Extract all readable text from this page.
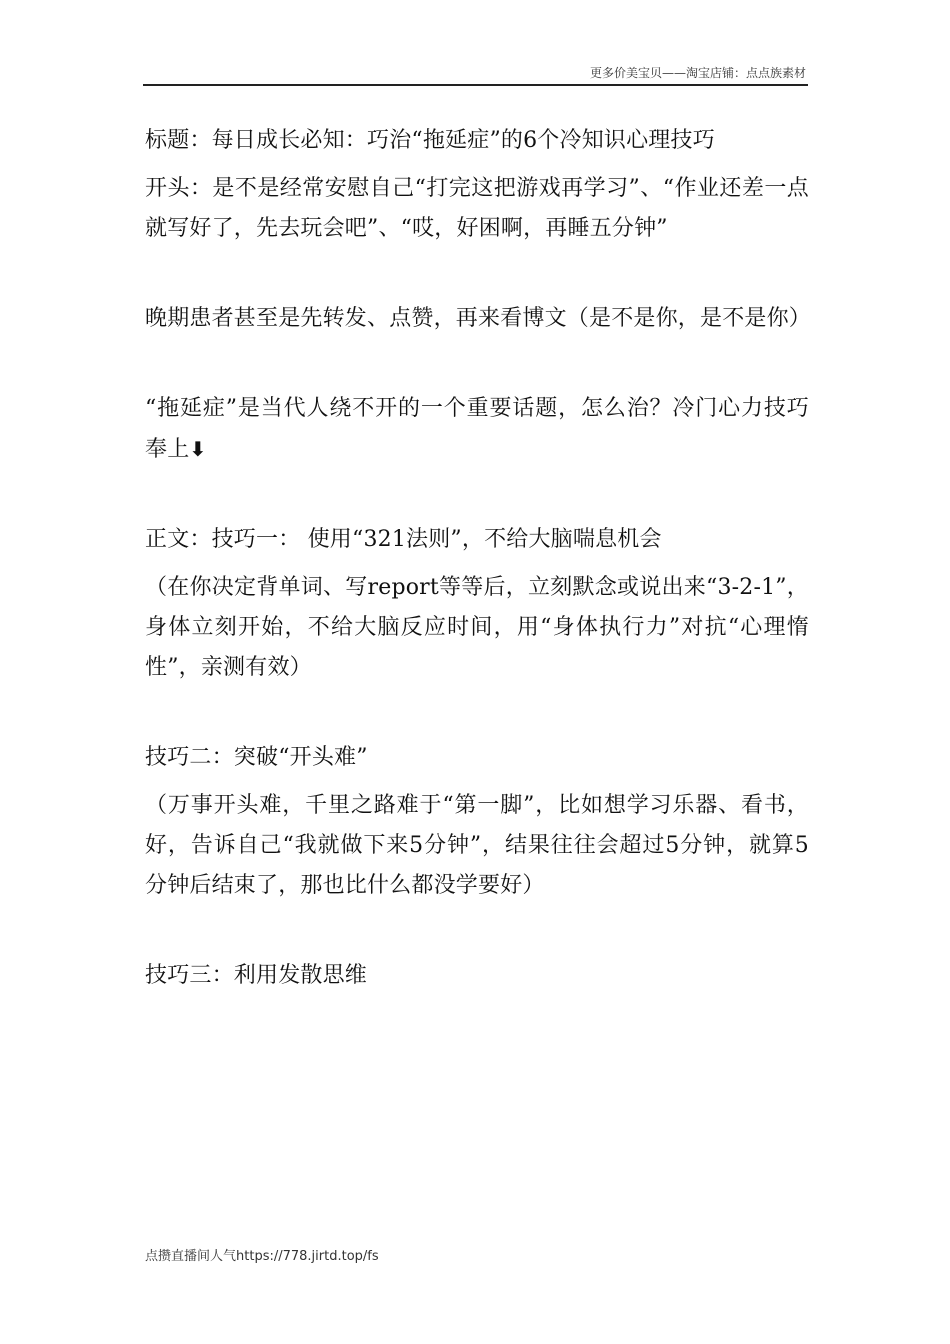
更多价美宝贝——淘宝店铺：点点族素材

标题：每日成长必知：巧治“拖延症”的6个冷知识心理技巧

开头：是不是经常安慰自己“打完这把游戏再学习”、“作业还差一点就写好了，先去玩会吧”、“哎，好困啊，再睡五分钟”

晚期患者甚至是先转发、点赞，再来看博文（是不是你，是不是你）

“拖延症”是当代人绕不开的一个重要话题，怎么治？冷门心力技巧奉上⬇

正文：技巧一： 使用“321法则”，不给大脑喘息机会

（在你决定背单词、写report等等后，立刻默念或说出来“3-2-1”，身体立刻开始，不给大脑反应时间，用“身体执行力”对抗“心理惰性”，亲测有效）

技巧二：突破“开头难”

（万事开头难，千里之路难于“第一脚”，比如想学习乐器、看书，好，告诉自己“我就做下来5分钟”，结果往往会超过5分钟，就算5分钟后结束了，那也比什么都没学要好）

技巧三：利用发散思维

点攒直播间人气https://778.jirtd.top/fs
